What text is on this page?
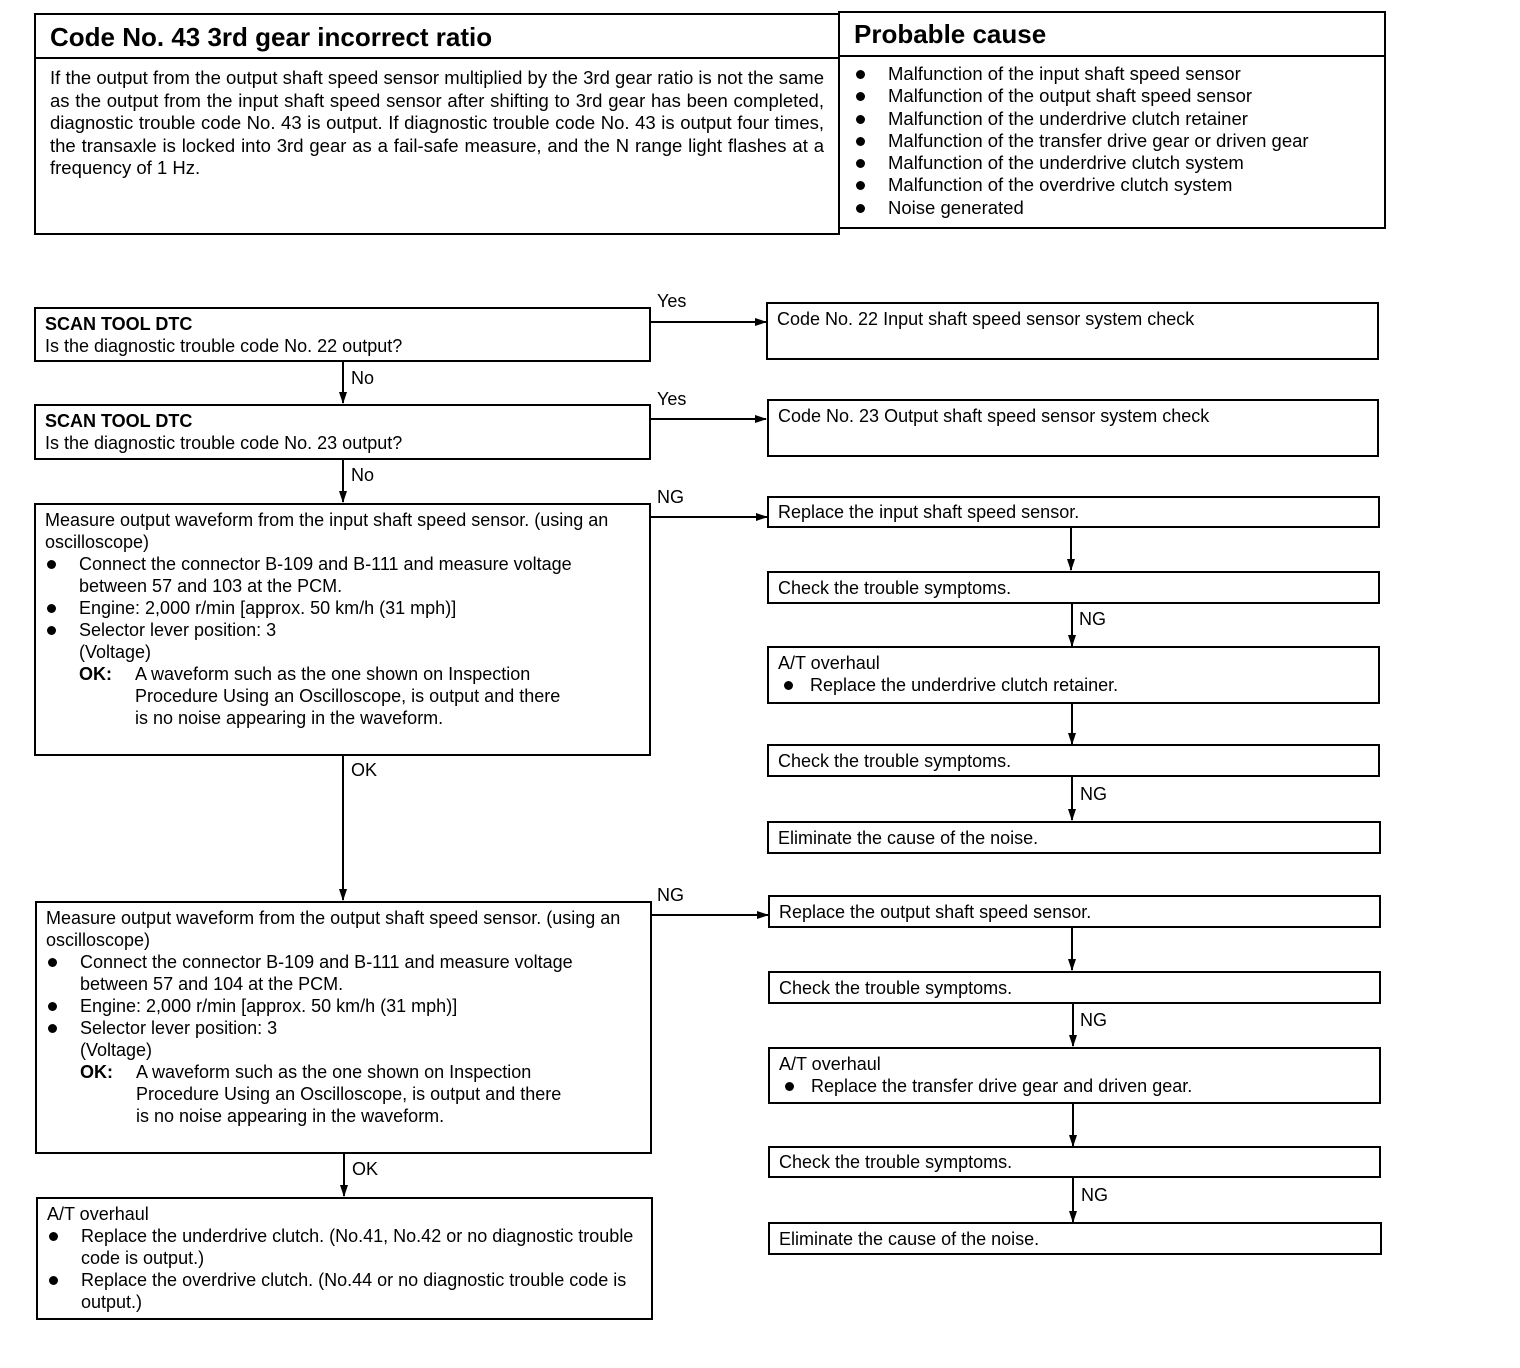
Code No. 43 3rd gear incorrect ratio
If the output from the output shaft speed sensor multiplied by the 3rd gear ratio is not the same as the output from the input shaft speed sensor after shifting to 3rd gear has been completed, diagnostic trouble code No. 43 is output. If diagnostic trouble code No. 43 is output four times, the transaxle is locked into 3rd gear as a fail-safe measure, and the N range light flashes at a frequency of 1 Hz.
Probable cause
Malfunction of the input shaft speed sensor
Malfunction of the output shaft speed sensor
Malfunction of the underdrive clutch retainer
Malfunction of the transfer drive gear or driven gear
Malfunction of the underdrive clutch system
Malfunction of the overdrive clutch system
Noise generated
SCAN TOOL DTC
Is the diagnostic trouble code No. 22 output?
SCAN TOOL DTC
Is the diagnostic trouble code No. 23 output?
Measure output waveform from the input shaft speed sensor. (using an oscilloscope)
Connect the connector B-109 and B-111 and measure voltage between 57 and 103 at the PCM.
Engine: 2,000 r/min [approx. 50 km/h (31 mph)]
Selector lever position: 3
(Voltage)
OK:	A waveform such as the one shown on Inspection Procedure Using an Oscilloscope, is output and there is no noise appearing in the waveform.
Measure output waveform from the output shaft speed sensor. (using an oscilloscope)
Connect the connector B-109 and B-111 and measure voltage between 57 and 104 at the PCM.
Engine: 2,000 r/min [approx. 50 km/h (31 mph)]
Selector lever position: 3
(Voltage)
OK:	A waveform such as the one shown on Inspection Procedure Using an Oscilloscope, is output and there is no noise appearing in the waveform.
A/T overhaul
Replace the underdrive clutch. (No.41, No.42 or no diagnostic trouble code is output.)
Replace the overdrive clutch. (No.44 or no diagnostic trouble code is output.)
Code No. 22 Input shaft speed sensor system check
Code No. 23 Output shaft speed sensor system check
Replace the input shaft speed sensor.
Check the trouble symptoms.
A/T overhaul
Replace the underdrive clutch retainer.
Check the trouble symptoms.
Eliminate the cause of the noise.
Replace the output shaft speed sensor.
Check the trouble symptoms.
A/T overhaul
Replace the transfer drive gear and driven gear.
Check the trouble symptoms.
Eliminate the cause of the noise.
Yes
Yes
NG
NG
No
No
OK
OK
NG
NG
NG
NG
